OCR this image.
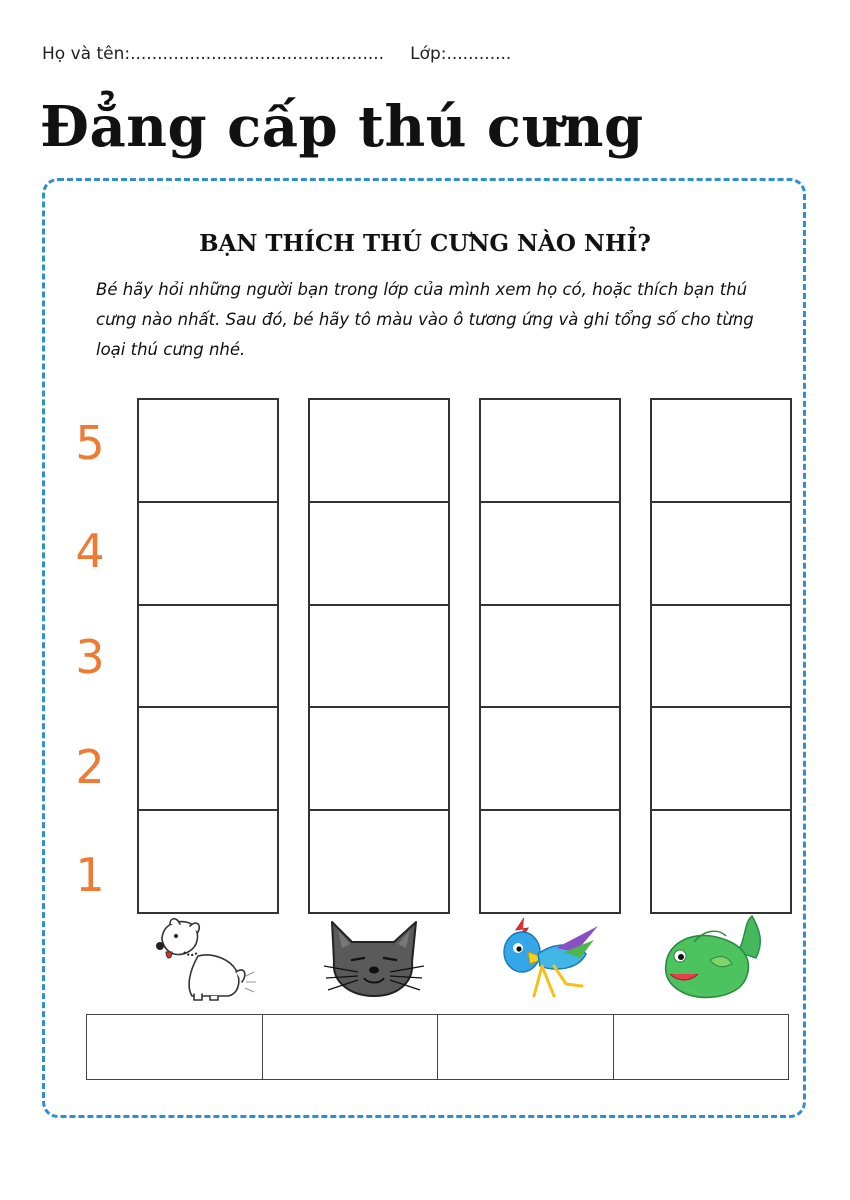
Họ và tên:............................................... Lớp:............
Đẳng cấp thú cưng
BẠN THÍCH THÚ CƯNG NÀO NHỈ?

Bé hãy hỏi những người bạn trong lớp của mình xem họ có, hoặc thích bạn thú cưng nào nhất. Sau đó, bé hãy tô màu vào ô tương ứng và ghi tổng số cho từng loại thú cưng nhé.

5
4
3
2
1
